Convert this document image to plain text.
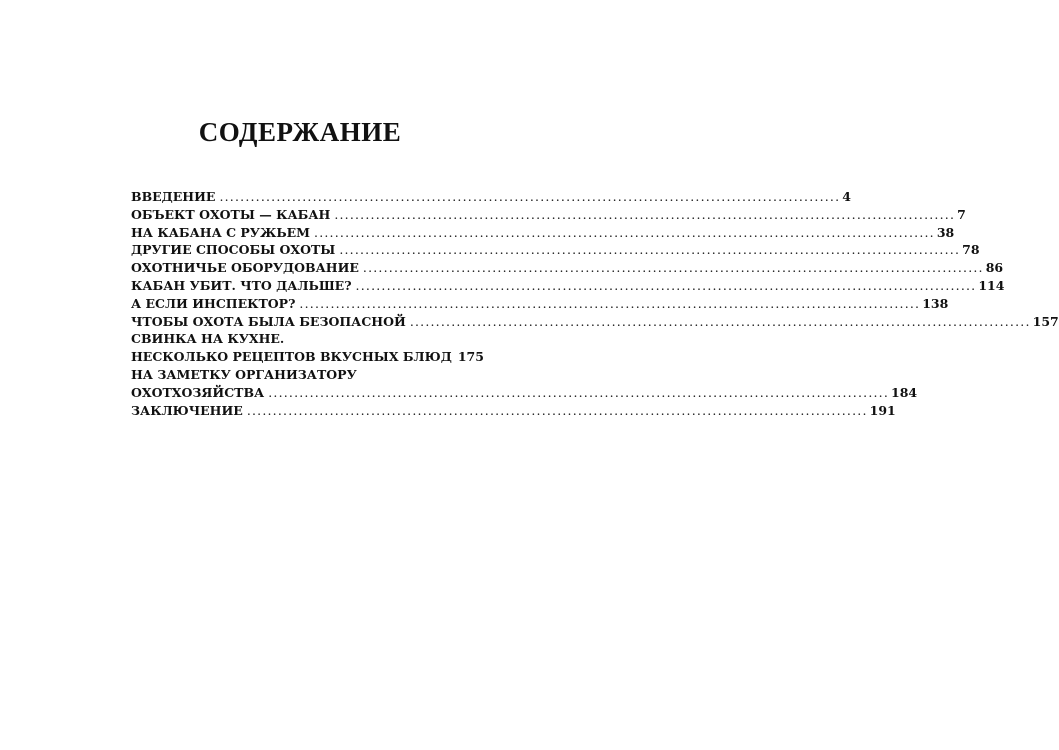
СОДЕРЖАНИЕ
ВВЕДЕНИЕ ........................................................................................................................ 4
ОБЪЕКТ ОХОТЫ — КАБАН ........................................................................................................................ 7
НА КАБАНА С РУЖЬЕМ ........................................................................................................................ 38
ДРУГИЕ СПОСОБЫ ОХОТЫ ........................................................................................................................ 78
ОХОТНИЧЬЕ ОБОРУДОВАНИЕ ........................................................................................................................ 86
КАБАН УБИТ. ЧТО ДАЛЬШЕ? ........................................................................................................................ 114
А ЕСЛИ ИНСПЕКТОР? ........................................................................................................................ 138
ЧТОБЫ ОХОТА БЫЛА БЕЗОПАСНОЙ ........................................................................................................................ 157
СВИНКА НА КУХНЕ.
НЕСКОЛЬКО РЕЦЕПТОВ ВКУСНЫХ БЛЮД 175
НА ЗАМЕТКУ ОРГАНИЗАТОРУ
ОХОТХОЗЯЙСТВА ........................................................................................................................ 184
ЗАКЛЮЧЕНИЕ ........................................................................................................................ 191
